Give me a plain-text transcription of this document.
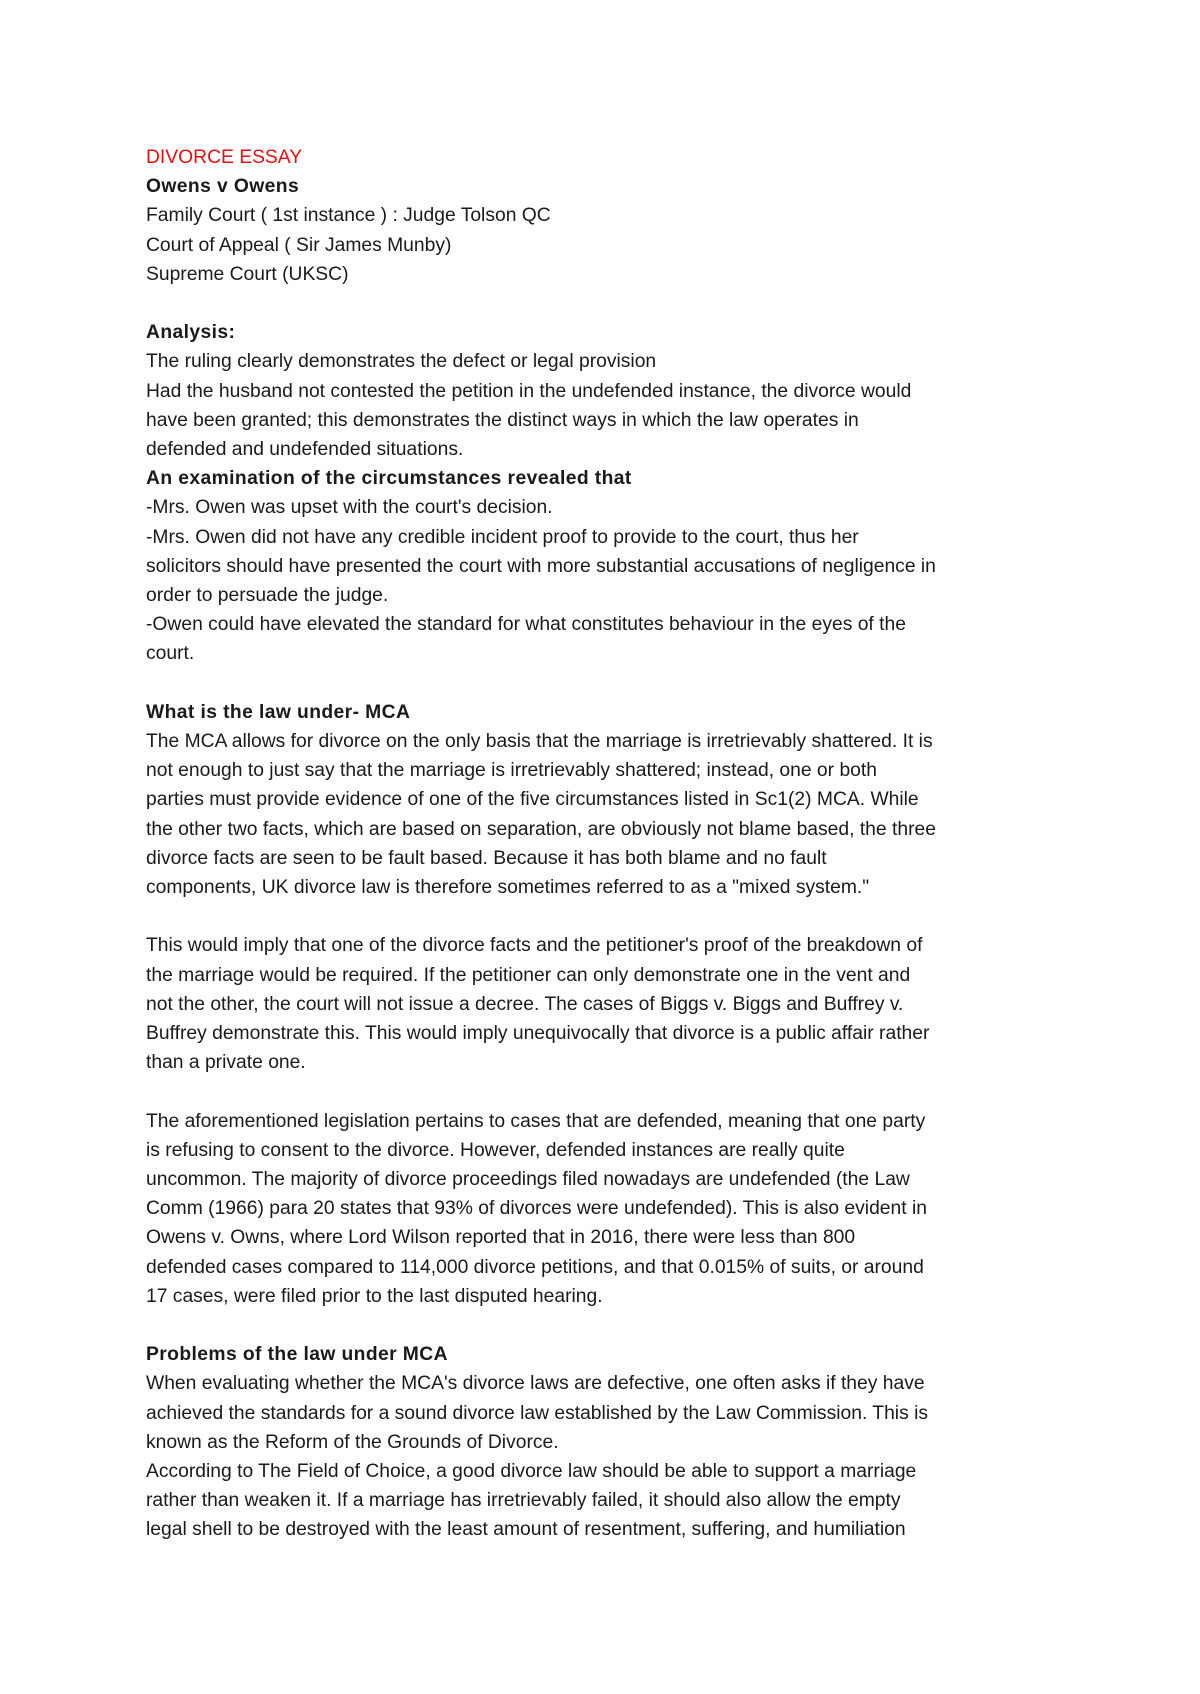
DIVORCE ESSAY
Owens v Owens
Family Court ( 1st instance ) : Judge Tolson QC
Court of Appeal ( Sir James Munby)
Supreme Court (UKSC)
Analysis:
The ruling clearly demonstrates the defect or legal provision
Had the husband not contested the petition in the undefended instance, the divorce would
have been granted; this demonstrates the distinct ways in which the law operates in
defended and undefended situations.
An examination of the circumstances revealed that
-Mrs. Owen was upset with the court's decision.
-Mrs. Owen did not have any credible incident proof to provide to the court, thus her
solicitors should have presented the court with more substantial accusations of negligence in
order to persuade the judge.
-Owen could have elevated the standard for what constitutes behaviour in the eyes of the
court.
What is the law under- MCA
The MCA allows for divorce on the only basis that the marriage is irretrievably shattered. It is
not enough to just say that the marriage is irretrievably shattered; instead, one or both
parties must provide evidence of one of the five circumstances listed in Sc1(2) MCA. While
the other two facts, which are based on separation, are obviously not blame based, the three
divorce facts are seen to be fault based. Because it has both blame and no fault
components, UK divorce law is therefore sometimes referred to as a "mixed system."
This would imply that one of the divorce facts and the petitioner's proof of the breakdown of
the marriage would be required. If the petitioner can only demonstrate one in the vent and
not the other, the court will not issue a decree. The cases of Biggs v. Biggs and Buffrey v.
Buffrey demonstrate this. This would imply unequivocally that divorce is a public affair rather
than a private one.
The aforementioned legislation pertains to cases that are defended, meaning that one party
is refusing to consent to the divorce. However, defended instances are really quite
uncommon. The majority of divorce proceedings filed nowadays are undefended (the Law
Comm (1966) para 20 states that 93% of divorces were undefended). This is also evident in
Owens v. Owns, where Lord Wilson reported that in 2016, there were less than 800
defended cases compared to 114,000 divorce petitions, and that 0.015% of suits, or around
17 cases, were filed prior to the last disputed hearing.
Problems of the law under MCA
When evaluating whether the MCA's divorce laws are defective, one often asks if they have
achieved the standards for a sound divorce law established by the Law Commission. This is
known as the Reform of the Grounds of Divorce.
According to The Field of Choice, a good divorce law should be able to support a marriage
rather than weaken it. If a marriage has irretrievably failed, it should also allow the empty
legal shell to be destroyed with the least amount of resentment, suffering, and humiliation
